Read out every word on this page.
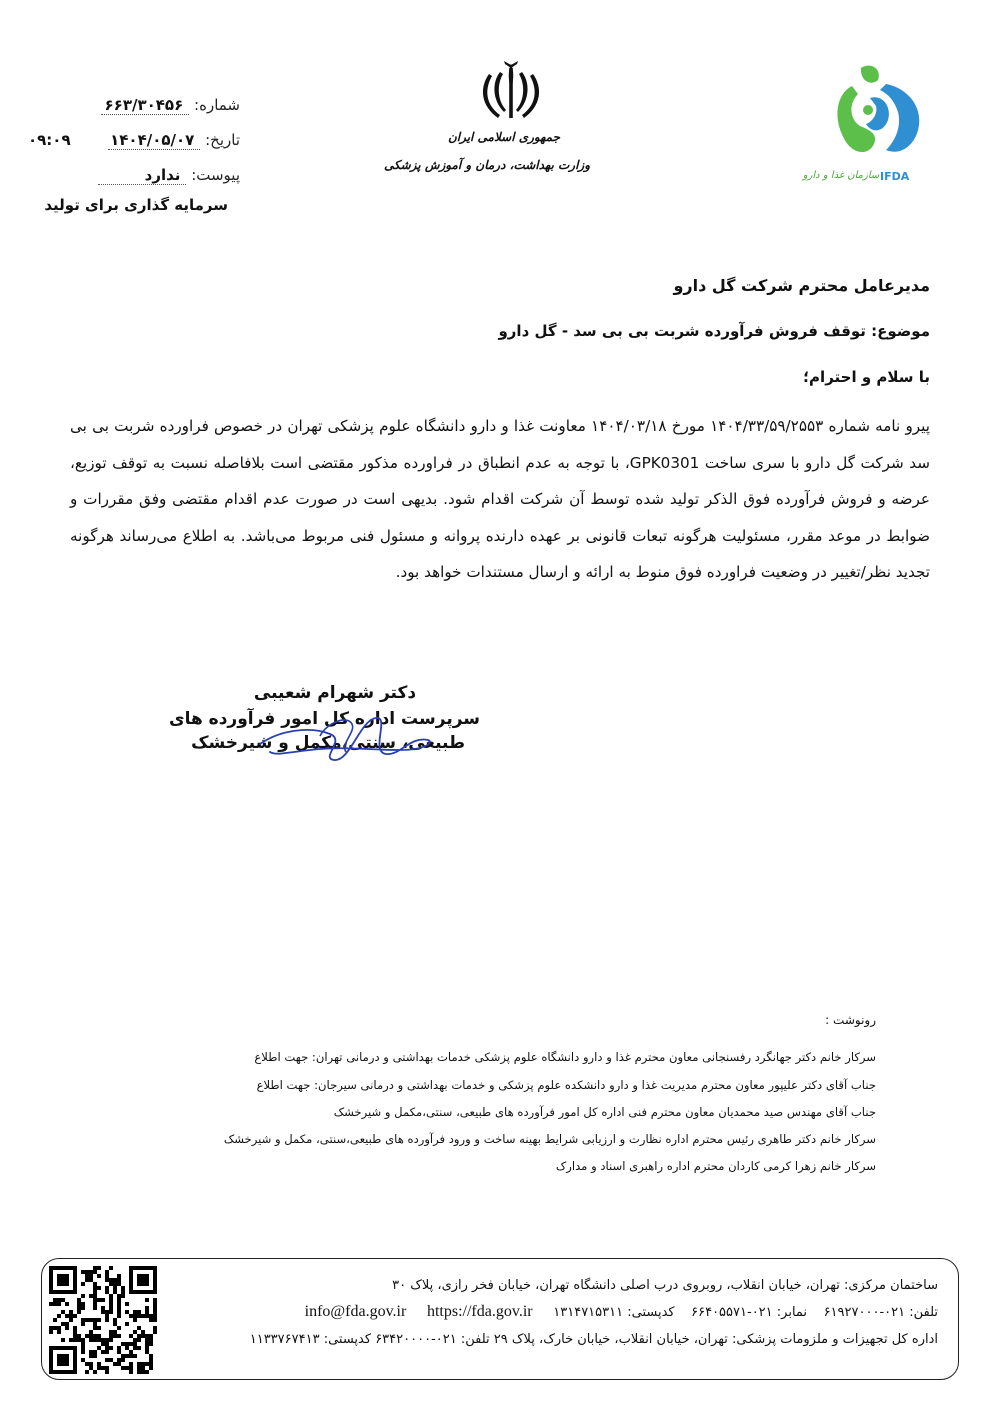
شماره: ۶۶۳/۳۰۴۵۶
تاریخ: ۱۴۰۴/۰۵/۰۷
۰۹:۰۹
پیوست: ندارد
سرمایه گذاری برای تولید
جمهوری اسلامی ایران
وزارت بهداشت، درمان و آموزش پزشکی
سازمان غذا و دارو IFDA
مدیرعامل محترم شرکت گل دارو
موضوع: توقف فروش فرآورده شربت بی بی سد - گل دارو
با سلام و احترام؛
پیرو نامه شماره ۱۴۰۴/۳۳/۵۹/۲۵۵۳ مورخ ۱۴۰۴/۰۳/۱۸ معاونت غذا و دارو دانشگاه علوم پزشکی تهران در خصوص فراورده شربت بی بی سد شرکت گل دارو با سری ساخت GPK0301، با توجه به عدم انطباق در فراورده مذکور مقتضی است بلافاصله نسبت به توقف توزیع، عرضه و فروش فرآورده فوق الذکر تولید شده توسط آن شرکت اقدام شود. بدیهی است در صورت عدم اقدام مقتضی وفق مقررات و ضوابط در موعد مقرر، مسئولیت هرگونه تبعات قانونی بر عهده دارنده پروانه و مسئول فنی مربوط می‌باشد. به اطلاع می‌رساند هرگونه تجدید نظر/تغییر در وضعیت فراورده فوق منوط به ارائه و ارسال مستندات خواهد بود.
دکتر شهرام شعیبی
سرپرست اداره کل امور فرآورده های
طبیعی، سنتی،مکمل و شیرخشک
رونوشت :
سرکار خانم دکتر جهانگرد رفسنجانی معاون محترم غذا و دارو دانشگاه علوم پزشکی خدمات بهداشتی و درمانی تهران: جهت اطلاع
جناب آقای دکتر علیپور معاون محترم مدیریت غذا و دارو دانشکده علوم پزشکی و خدمات بهداشتی و درمانی سیرجان: جهت اطلاع
جناب آقای مهندس صید محمدیان معاون محترم فنی اداره کل امور فرآورده های طبیعی، سنتی،مکمل و شیرخشک
سرکار خانم دکتر طاهری رئیس محترم اداره نظارت و ارزیابی شرایط بهینه ساخت و ورود فرآورده های طبیعی،سنتی، مکمل و شیرخشک
سرکار خانم زهرا کرمی کاردان محترم اداره راهبری اسناد و مدارک
ساختمان مرکزی: تهران، خیابان انقلاب، روبروی درب اصلی دانشگاه تهران، خیابان فخر رازی، پلاک ۳۰
تلفن: ۰۲۱-۶۱۹۲۷۰۰۰    نمابر: ۰۲۱-۶۶۴۰۵۵۷۱    کدپستی: ۱۳۱۴۷۱۵۳۱۱     info@fda.gov.ir https://fda.gov.ir
اداره کل تجهیزات و ملزومات پزشکی: تهران، خیابان انقلاب، خیابان خارک، پلاک ۲۹ تلفن: ۰۲۱-۶۳۴۲۰۰۰۰ کدپستی: ۱۱۳۳۷۶۷۴۱۳
